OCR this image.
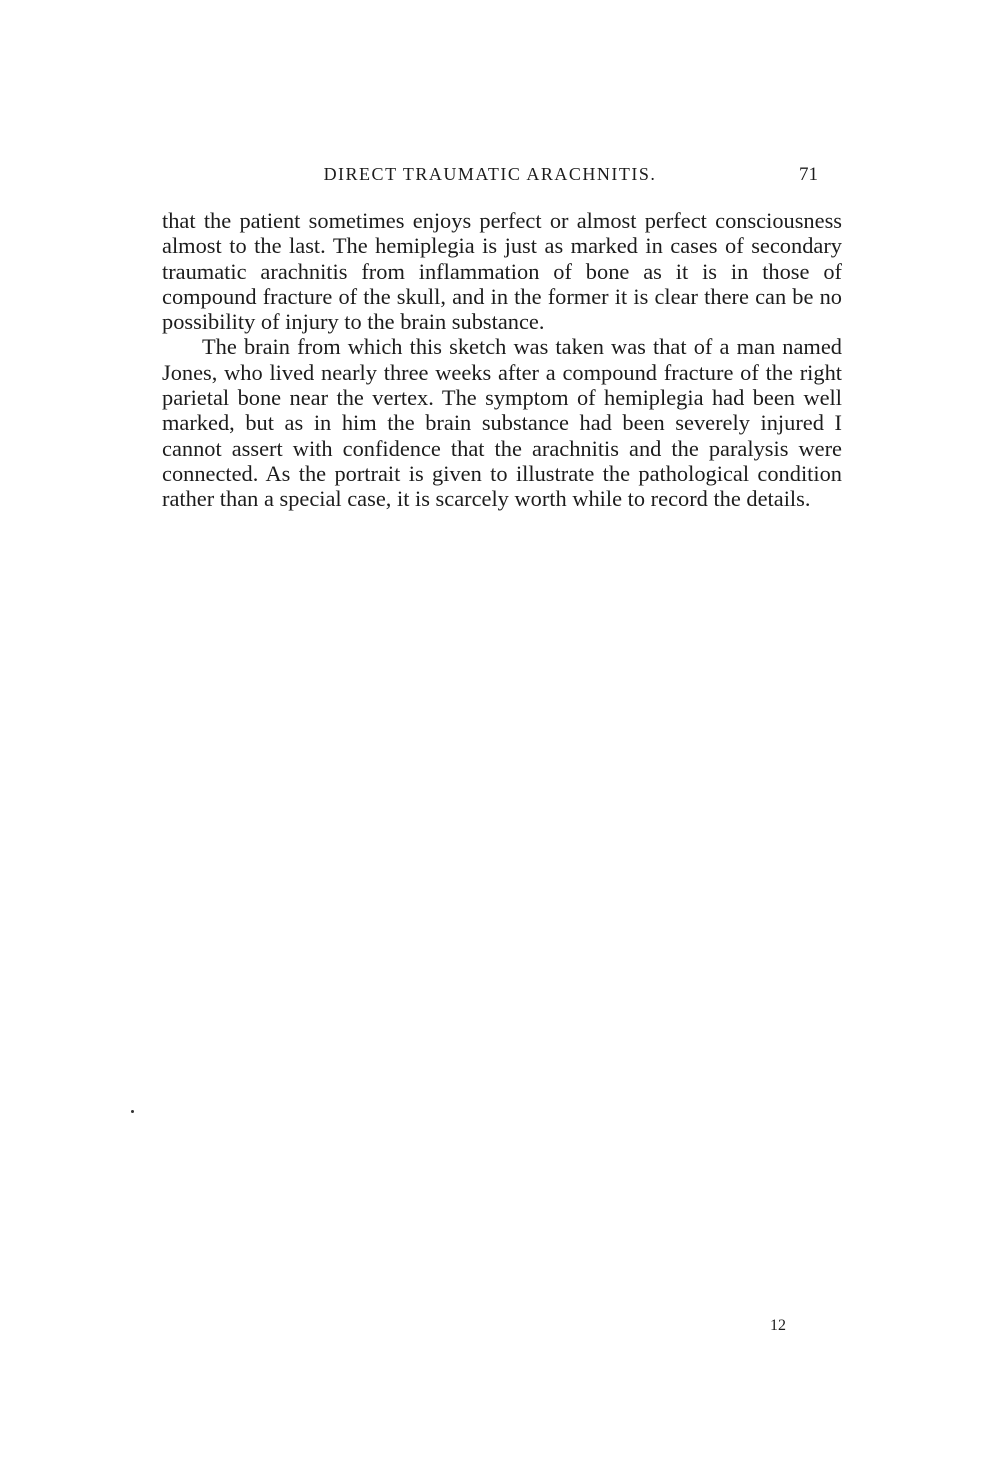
DIRECT TRAUMATIC ARACHNITIS.	71

that the patient sometimes enjoys perfect or almost perfect consciousness almost to the last. The hemiplegia is just as marked in cases of secondary traumatic arachnitis from inflammation of bone as it is in those of compound fracture of the skull, and in the former it is clear there can be no possibility of injury to the brain substance.

The brain from which this sketch was taken was that of a man named Jones, who lived nearly three weeks after a compound fracture of the right parietal bone near the vertex. The symptom of hemiplegia had been well marked, but as in him the brain substance had been severely injured I cannot assert with confidence that the arachnitis and the paralysis were connected. As the portrait is given to illustrate the pathological condition rather than a special case, it is scarcely worth while to record the details.

12
